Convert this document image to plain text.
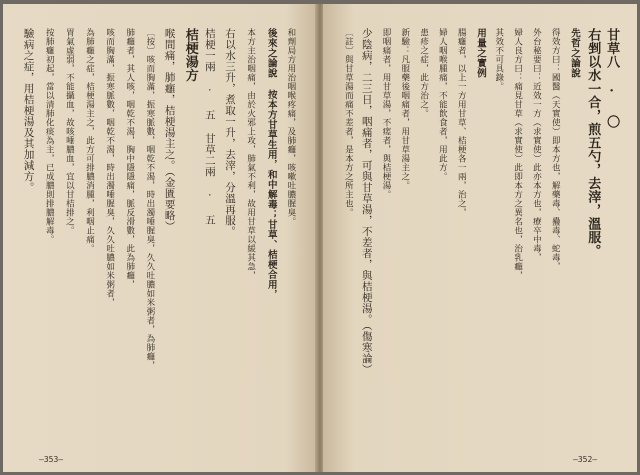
和劑局方用治咽喉疼痛，及肺癰，咳嗽吐膿腥臭。
後來之論說 按本方甘草生用，和中解毒；甘草、桔梗合用，
本方主治咽痛，由於火邪上攻，肺氣不利，故用甘草以緩其急，
右以水三升，煮取一升，去滓，分溫再服。
桔梗一兩 · 五 甘草二兩 · 五
桔梗湯方
喉間痛，肺癰，桔梗湯主之。（金匱要略）
〔按〕咳而胸滿，振寒脈數，咽乾不渴，時出濁唾腥臭，久久吐膿如米粥者，為肺癰，
肺癰者，其人咳，咽乾不渴，胸中隱隱痛，脈反滑數，此為肺癰，
咳而胸滿，振寒脈數，咽乾不渴，時出濁唾腥臭，久久吐膿如米粥者，
為肺癰之症，桔梗湯主之，此方可排膿消腫，利咽止痛。
胃氣虛弱，不能攝血，故咳唾膿血，宜以甘桔排之。
按肺癰初起，當以清肺化痰為主，已成膿則排膿解毒。
驗病之症，用桔梗湯及其加減方。
—353—
甘草八 · 〇
右剉以水一合，煎五勺，去滓，溫服。
先哲之論說
得效方曰：國醫（天實使）即本方也，解藥毒、蠱毒、蛇毒，
外台秘要曰：近效一方（求實使）此亦本方也，療卒中毒，
婦人良方曰：痛見甘草（求實使）此即本方之異名也，治乳癰，
其效不可具錄。
用量之實例
腸癰者，以上一方用甘草、桔梗各一兩，治之，
婦人咽喉腫痛，不能飲食者，用此方。
患疹之症，此方治之。
新驗：凡服藥後咽痛者，用甘草湯主之。
即咽痛者，用甘草湯，不瘥者，與桔梗湯。
少陰病，二三日，咽痛者，可與甘草湯，不差者，與桔梗湯。（傷寒論）
〔註〕與甘草湯而痛不差者，是本方之所主也。
—352—
